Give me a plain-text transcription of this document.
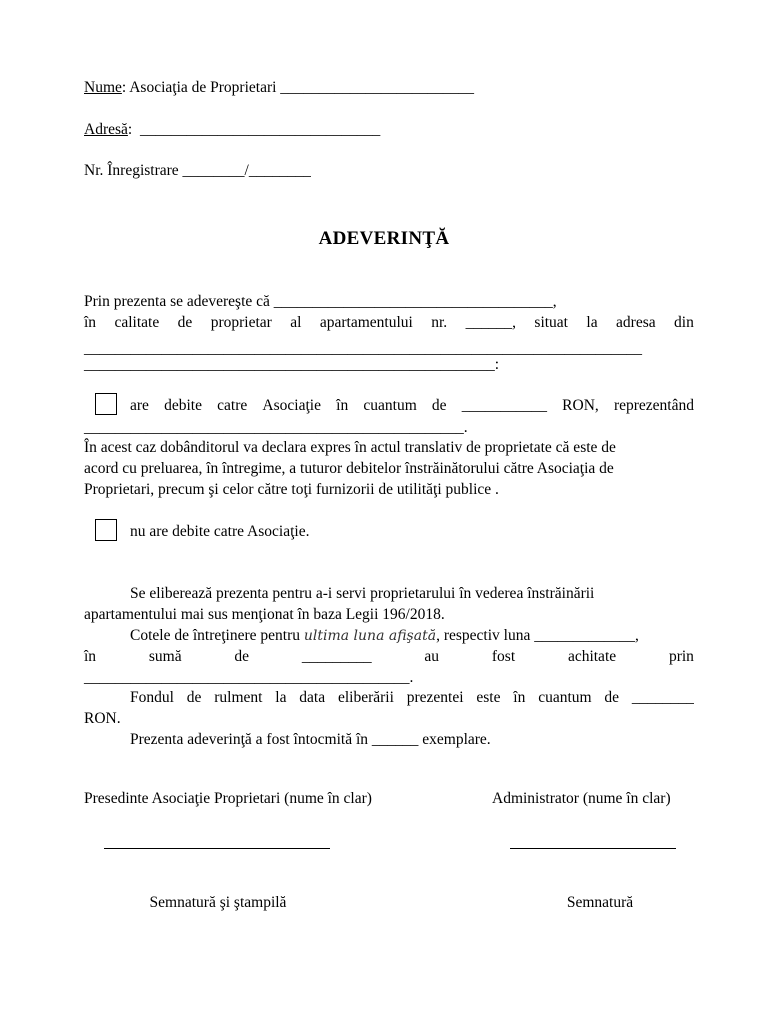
Nume: Asociaţia de Proprietari _________________________
Adresă:  _______________________________
Nr. Înregistrare ________/________
ADEVERINŢĂ
Prin prezenta se adevereşte că ____________________________________,
în calitate de proprietar al apartamentului nr. ______, situat la adresa din
________________________________________________________________________
_____________________________________________________:
are debite catre Asociaţie în cuantum de ___________ RON, reprezentând
_________________________________________________.
În acest caz dobânditorul va declara expres în actul translativ de proprietate că este de
acord cu preluarea, în întregime, a tuturor debitelor înstrăinătorului către Asociaţia de
Proprietari, precum şi celor către toţi furnizorii de utilităţi publice .
nu are debite catre Asociaţie.
Se eliberează prezenta pentru a-i servi proprietarului în vederea înstrăinării
apartamentului mai sus menţionat în baza Legii 196/2018.
Cotele de întreţinere pentru ultima luna afişată, respectiv luna _____________,
în	sumă	de	_________	au	fost	achitate	prin
__________________________________________.
Fondul de rulment la data eliberării prezentei este în cuantum de ________
RON.
Prezenta adeverinţă a fost întocmită în ______ exemplare.
Presedinte Asociaţie Proprietari (nume în clar)	Administrator (nume în clar)
Semnatură şi ştampilă	Semnatură
